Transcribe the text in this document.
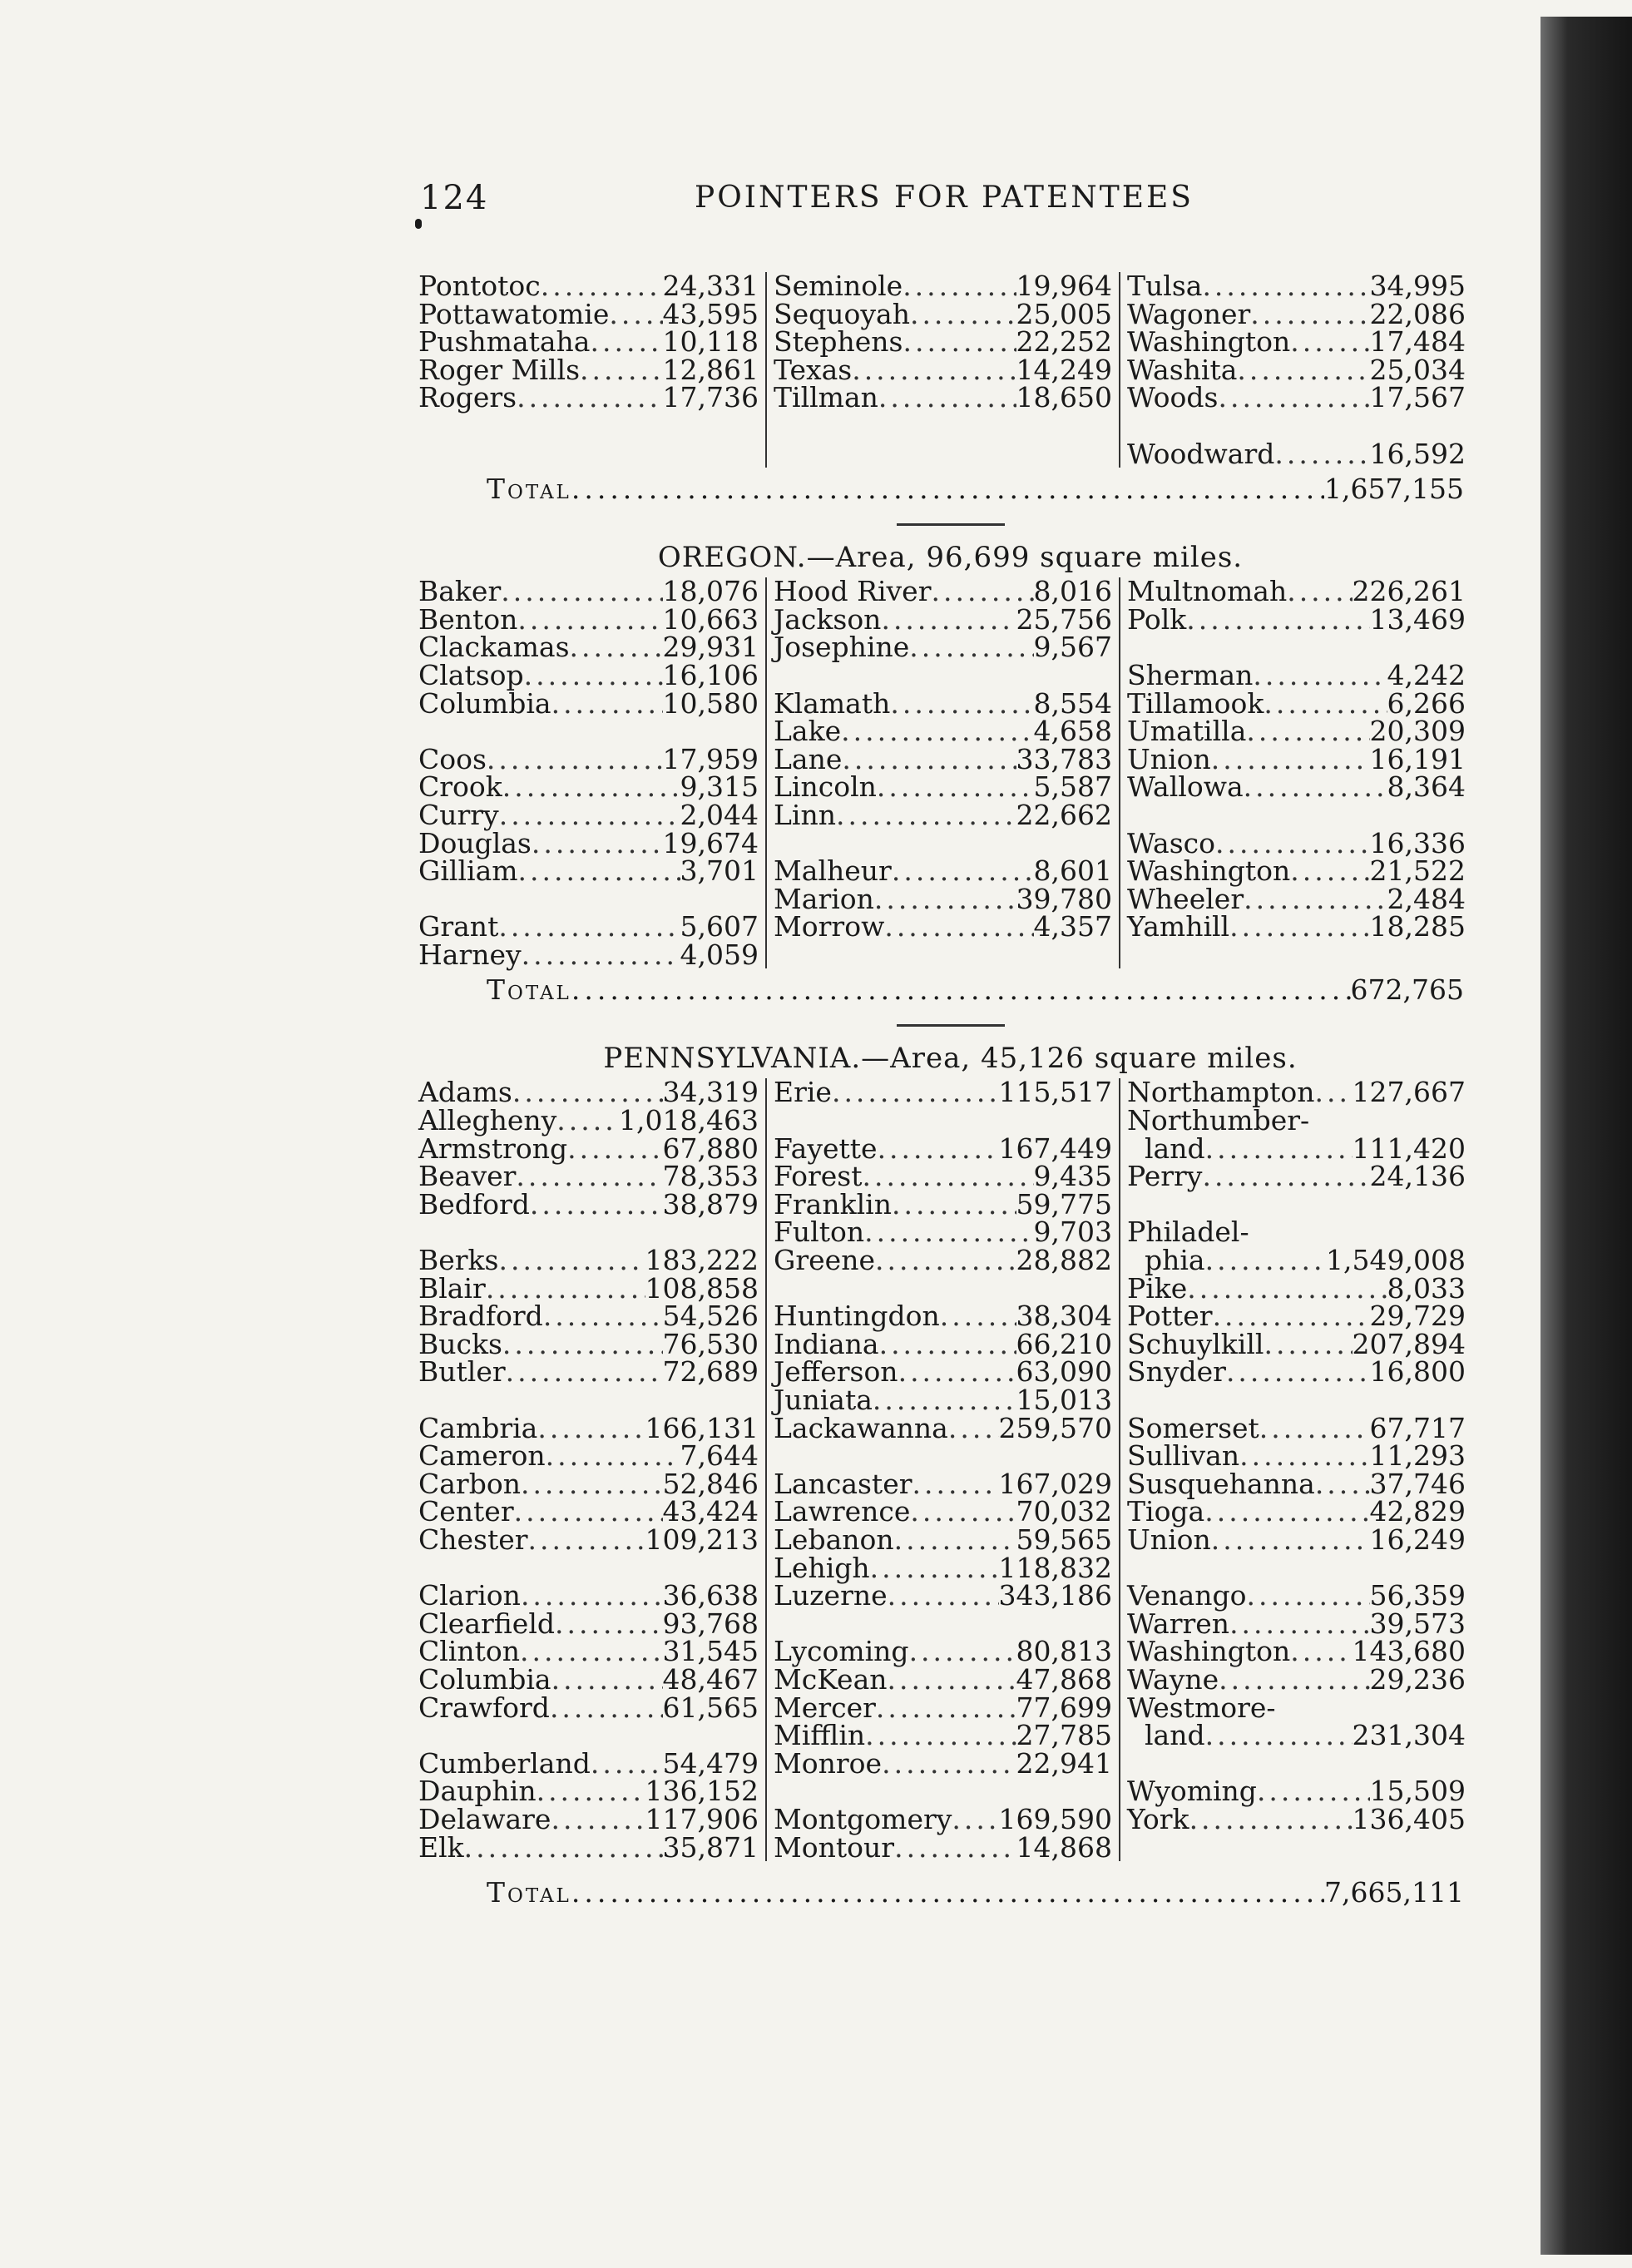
124	POINTERS FOR PATENTEES
Pontotoc .....	24,331
Pottawatomie ..... 43,595
Pushmataha .....	10,118
Roger Mills .....	12,861
Rogers .....	17,736
Seminole .....	19,964
Sequoyah .....	25,005
Stephens .....	22,252
Texas .....	14,249
Tillman .....	18,650
Tulsa .....	34,995
Wagoner .....	22,086
Washington .....	17,484
Washita .....	25,034
Woods .....	17,567
Woodward .....	16,592
Total .....	1,657,155
OREGON.—Area, 96,699 square miles.
Baker .....	18,076
Benton .....	10,663
Clackamas .....	29,931
Clatsop .....	16,106
Columbia .....	10,580
Coos .....	17,959
Crook .....	9,315
Curry .....	2,044
Douglas .....	19,674
Gilliam .....	3,701
Grant .....	5,607
Harney .....	4,059
Hood River .....	8,016
Jackson .....	25,756
Josephine .....	9,567
Klamath .....	8,554
Lake .....	4,658
Lane .....	33,783
Lincoln .....	5,587
Linn .....	22,662
Malheur .....	8,601
Marion .....	39,780
Morrow .....	4,357
Multnomah ..... 226,261
Polk .....	13,469
Sherman .....	4,242
Tillamook .....	6,266
Umatilla .....	20,309
Union .....	16,191
Wallowa .....	8,364
Wasco .....	16,336
Washington .....	21,522
Wheeler .....	2,484
Yamhill .....	18,285
Total .....	672,765
PENNSYLVANIA.—Area, 45,126 square miles.
Adams .....	34,319
Allegheny ..... 1,018,463
Armstrong .....	67,880
Beaver .....	78,353
Bedford .....	38,879
Berks .....	183,222
Blair .....	108,858
Bradford .....	54,526
Bucks .....	76,530
Butler .....	72,689
Cambria .....	166,131
Cameron .....	7,644
Carbon .....	52,846
Center .....	43,424
Chester .....	109,213
Clarion .....	36,638
Clearfield .....	93,768
Clinton .....	31,545
Columbia .....	48,467
Crawford .....	61,565
Cumberland .....	54,479
Dauphin .....	136,152
Delaware .....	117,906
Elk .....	35,871
Erie .....	115,517
Fayette .....	167,449
Forest .....	9,435
Franklin .....	59,775
Fulton .....	9,703
Greene .....	28,882
Huntingdon .....	38,304
Indiana .....	66,210
Jefferson .....	63,090
Juniata .....	15,013
Lackawanna ..... 259,570
Lancaster .....	167,029
Lawrence .....	70,032
Lebanon .....	59,565
Lehigh .....	118,832
Luzerne .....	343,186
Lycoming .....	80,813
McKean .....	47,868
Mercer .....	77,699
Mifflin .....	27,785
Monroe .....	22,941
Montgomery ..... 169,590
Montour .....	14,868
Northampton ..... 127,667
Northumber-
land .....	111,420
Perry .....	24,136
Philadel-
phia .....	1,549,008
Pike .....	8,033
Potter .....	29,729
Schuylkill .....	207,894
Snyder .....	16,800
Somerset .....	67,717
Sullivan .....	11,293
Susquehanna ..... 37,746
Tioga .....	42,829
Union .....	16,249
Venango .....	56,359
Warren .....	39,573
Washington ..... 143,680
Wayne .....	29,236
Westmore-
land .....	231,304
Wyoming .....	15,509
York .....	136,405
Total .....	7,665,111
